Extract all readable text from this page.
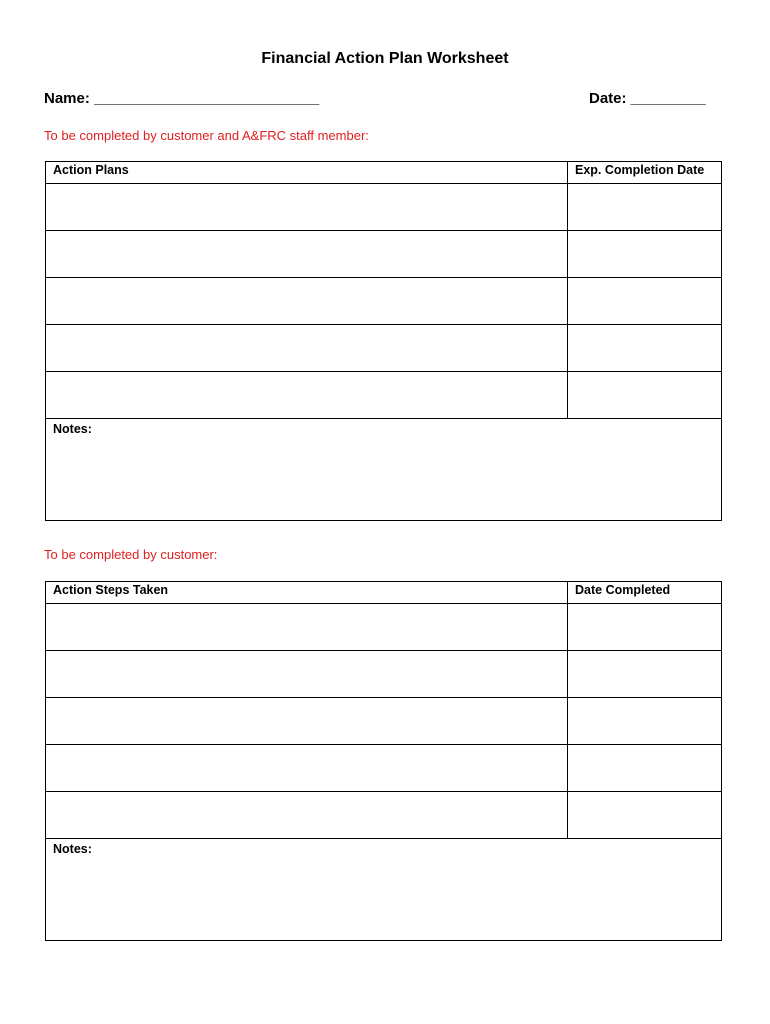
Financial Action Plan Worksheet
Name: ___________________________	Date: _________
To be completed by customer and A&FRC staff member:
Action Plans	Exp. Completion Date

Notes:	
To be completed by customer:
Action Steps Taken	Date Completed

Notes:	
